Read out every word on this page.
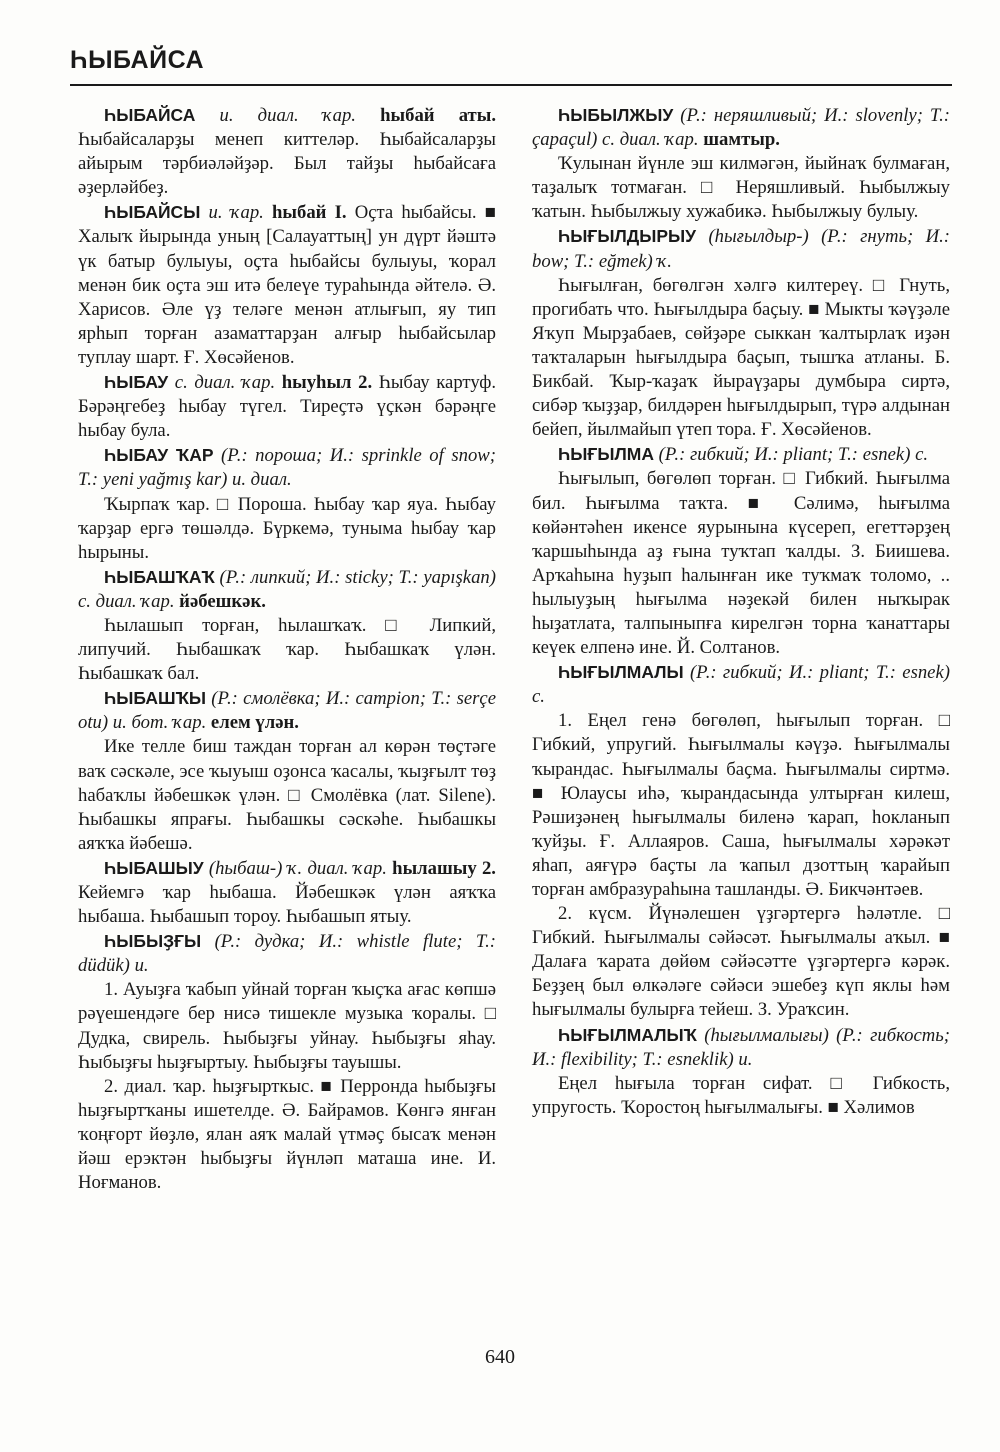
ҺЫБАЙСА

ҺЫБАЙСА и. диал. ҡар. һыбай аты. Һыбайсаларҙы менеп киттеләр. Һыбайсаларҙы айырым тәрбиәләйҙәр. Был тайҙы һыбайсаға әҙерләйбеҙ.

ҺЫБАЙСЫ и. ҡар. һыбай I. Оҫта һыбайсы. ■ Халыҡ йырында уның [Салауаттың] ун дүрт йәштә үк батыр булыуы, оҫта һыбайсы булыуы, ҡорал менән бик оҫта эш итә белеүе тураһында әйтелә. Ә. Харисов. Әле үҙ теләге менән атлығып, яу тип ярһып торған азаматтарҙан алғыр һыбайсылар туплау шарт. Ғ. Хөсәйенов.

ҺЫБАУ с. диал. ҡар. һыуһыл 2. Һыбау картуф. Бәрәңгебеҙ һыбау түгел. Тиреҫтә үҫкән бәрәңге һыбау була.

ҺЫБАУ ҠАР (Р.: пороша; И.: sprinkle of snow; Т.: yeni yağmış kar) и. диал.

Ҡырпаҡ ҡар. □ Пороша. Һыбау ҡар яуа. Һыбау ҡарҙар ергә төшәлдә. Бүркемә, тунымa һыбау ҡар һырыны.

ҺЫБАШҠАҠ (Р.: липкий; И.: sticky; Т.: yapışkan) с. диал. ҡар. йәбешкәк.

Һылашып торған, һылашҡаҡ. □ Липкий, липучий. Һыбашкаҡ ҡар. Һыбашкаҡ үлән. Һыбашкаҡ бал.

ҺЫБАШҠЫ (Р.: смолёвка; И.: campion; Т.: serçe otu) и. бот. ҡар. елем үлән.

Ике телле биш таждан торған ал көрән төҫтәге ваҡ сәскәле, эсе ҡыуыш оҙонса ҡасалы, ҡыҙғылт төҙ һабаҡлы йәбешкәк үлән. □ Смолёвка (лат. Silene). Һыбашкы япрағы. Һыбашкы сәскәһе. Һыбашкы аяҡҡа йәбешә.

ҺЫБАШЫУ (һыбаш-) ҡ. диал. ҡар. һылашыу 2. Кейемгә ҡар һыбаша. Йәбешкәк үлән аяҡҡа һыбаша. Һыбашып тороу. Һыбашып ятыу.

ҺЫБЫҘҒЫ (Р.: дудка; И.: whistle flute; Т.: düdük) и.

1. Ауыҙға ҡабып уйнай торған ҡыҫҡа ағас көпшә рәүешендәге бер нисә тишекле музыка ҡоралы. □ Дудка, свирель. Һыбыҙғы уйнау. Һыбыҙғы яһау. Һыбыҙғы һыҙғыртыу. Һыбыҙғы тауышы.

2. диал. ҡар. һыҙғырткыс. ■ Перронда һыбыҙғы һыҙғыртҡаны ишетелде. Ә. Байрамов. Көнгә янған ҡоңғорт йөҙлө, ялан аяҡ малай үтмәҫ бысаҡ менән йәш ерэктән һыбыҙғы йүнләп маташа ине. И. Ноғманов.

ҺЫБЫЛЖЫУ (Р.: неряшливый; И.: slovenly; Т.: çapaçul) с. диал. ҡар. шамтыр.

Ҡулынан йүнле эш килмәгән, йыйнаҡ булмаған, таҙалыҡ тотмаған. □ Неряшливый. Һыбылжыу ҡатын. Һыбылжыу хужабикә. Һыбылжыу булыу.

ҺЫҒЫЛДЫРЫУ (һығылдыр-) (Р.: гнуть; И.: bow; Т.: eğmek) ҡ.

Һығылған, бөгөлгән хәлгә килтереү. □ Гнуть, прогибать что. Һығылдыра баҫыу. ■ Мыкты ҡәүҙәле Яҡуп Мырҙабаев, сөйҙәре сыккан ҡалтырлаҡ иҙән таҡталарын һығылдыра баҫып, тышҡа атланы. Б. Бикбай. Ҡыр-ҡаҙаҡ йыраүҙары думбыра сиртә, сибәр ҡыҙҙар, билдәрен һығылдырып, түрә алдынан бейеп, йылмайып үтеп тора. Ғ. Хөсәйенов.

ҺЫҒЫЛМА (Р.: гибкий; И.: pliant; Т.: esnek) с.

Һығылып, бөгөлөп торған. □ Гибкий. Һығылма бил. Һығылма таҡта. ■ Сәлимә, һығылма көйәнтәһен икенсе яурынына күсереп, егеттәрҙең ҡаршыһында аҙ ғына туҡтап ҡалды. З. Биишева. Арҡаһына һуҙып һалынған ике туҡмаҡ толомо, .. һылыуҙың һығылма нәҙекәй билен ныҡырак һыҙатлата, талпыныпға кирелгән торна ҡанаттары кеүек елпенә ине. Й. Солтанов.

ҺЫҒЫЛМАЛЫ (Р.: гибкий; И.: pliant; Т.: esnek) с.

1. Еңел генә бөгөлөп, һығылып торған. □ Гибкий, упругий. Һығылмалы кәүҙә. Һығылмалы ҡырандас. Һығылмалы баҫма. Һығылмалы сиртмә. ■ Юлаусы иһә, ҡырандасында ултырған килеш, Рәшиҙәнең һығылмалы биленә ҡарап, һокланып ҡуйҙы. Ғ. Аллаяров. Саша, һығылмалы хәрәкәт яһап, аяғүрә баҫты ла ҡапыл дзоттың ҡарайып торған амбразураһына ташланды. Ә. Бикчәнтәев.

2. күсм. Йүнәлешен үҙгәртергә һәләтле. □ Гибкий. Һығылмалы сәйәсәт. Һығылмалы аҡыл. ■ Далаға ҡарата дөйөм сәйәсәтте үҙгәртергә кәрәк. Беҙҙең был өлкәләге сәйәси эшебеҙ күп яклы һәм һығылмалы булырға тейеш. З. Ураҡсин.

ҺЫҒЫЛМАЛЫҠ (һығылмалығы) (Р.: гибкость; И.: flexibility; Т.: esneklik) и.

Еңел һығыла торған сифат. □ Гибкость, упругость. Ҡоростоң һығылмалығы. ■ Хәлимов

640
